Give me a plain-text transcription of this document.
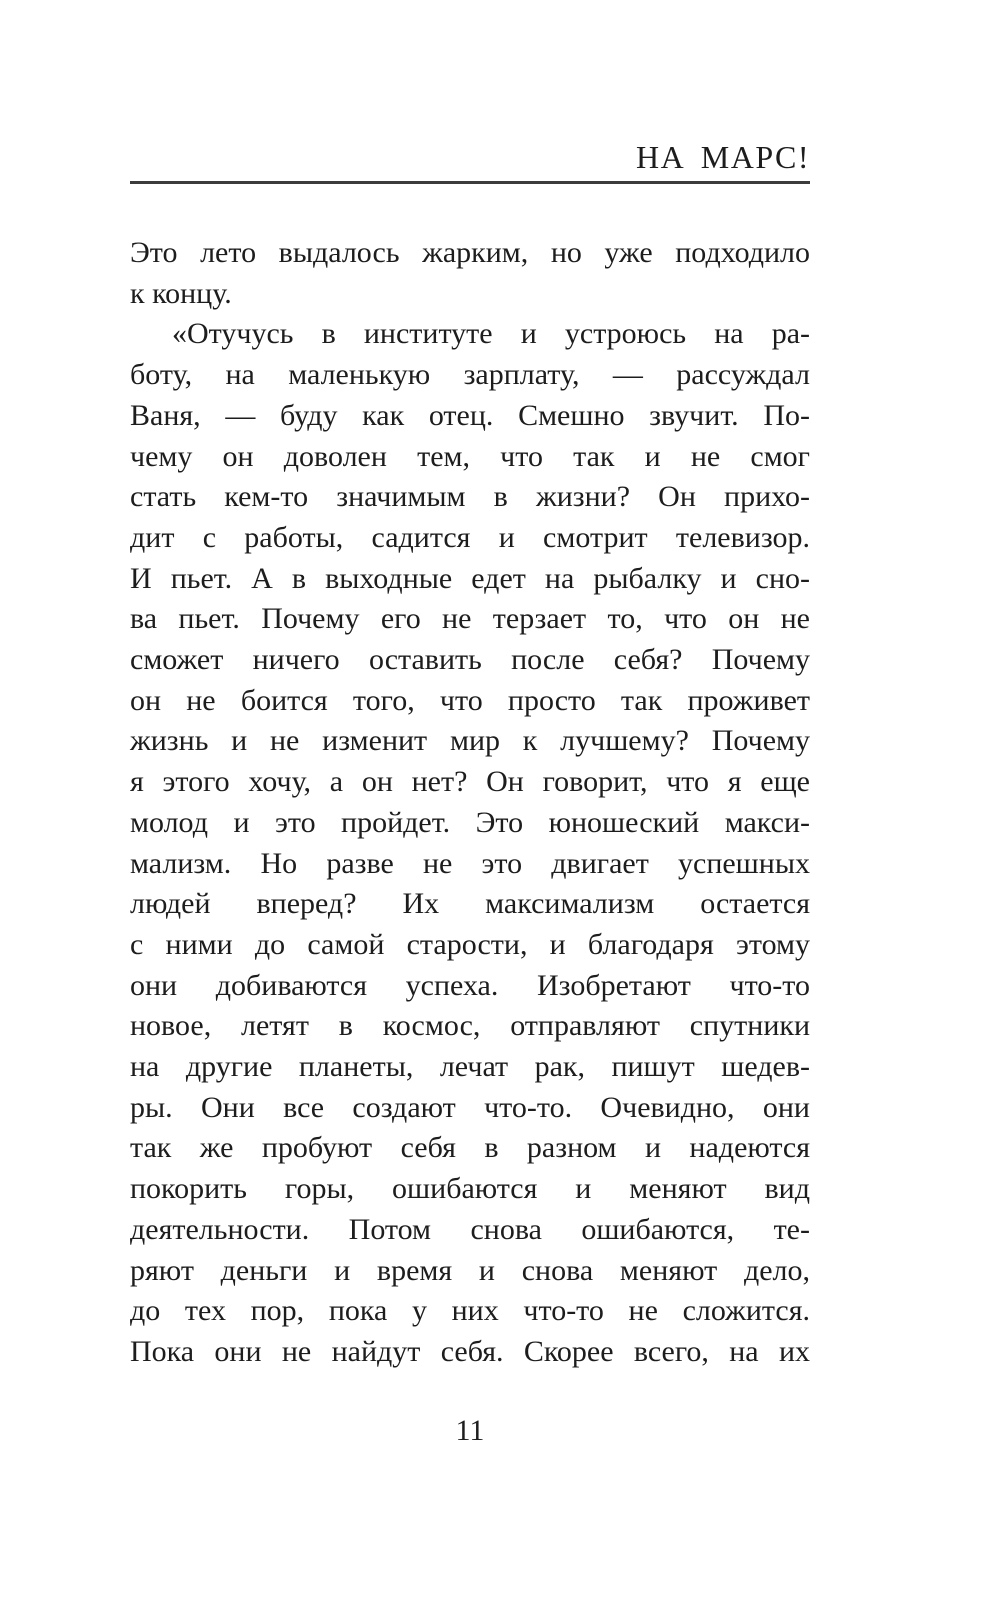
НА МАРС!
Это лето выдалось жарким, но уже подходило
к концу.
«Отучусь в институте и устроюсь на ра-
боту, на маленькую зарплату, — рассуждал
Ваня, — буду как отец. Смешно звучит. По-
чему он доволен тем, что так и не смог
стать кем-то значимым в жизни? Он прихо-
дит с работы, садится и смотрит телевизор.
И пьет. А в выходные едет на рыбалку и сно-
ва пьет. Почему его не терзает то, что он не
сможет ничего оставить после себя? Почему
он не боится того, что просто так проживет
жизнь и не изменит мир к лучшему? Почему
я этого хочу, а он нет? Он говорит, что я еще
молод и это пройдет. Это юношеский макси-
мализм. Но разве не это двигает успешных
людей вперед? Их максимализм остается
с ними до самой старости, и благодаря этому
они добиваются успеха. Изобретают что-то
новое, летят в космос, отправляют спутники
на другие планеты, лечат рак, пишут шедев-
ры. Они все создают что-то. Очевидно, они
так же пробуют себя в разном и надеются
покорить горы, ошибаются и меняют вид
деятельности. Потом снова ошибаются, те-
ряют деньги и время и снова меняют дело,
до тех пор, пока у них что-то не сложится.
Пока они не найдут себя. Скорее всего, на их
11
